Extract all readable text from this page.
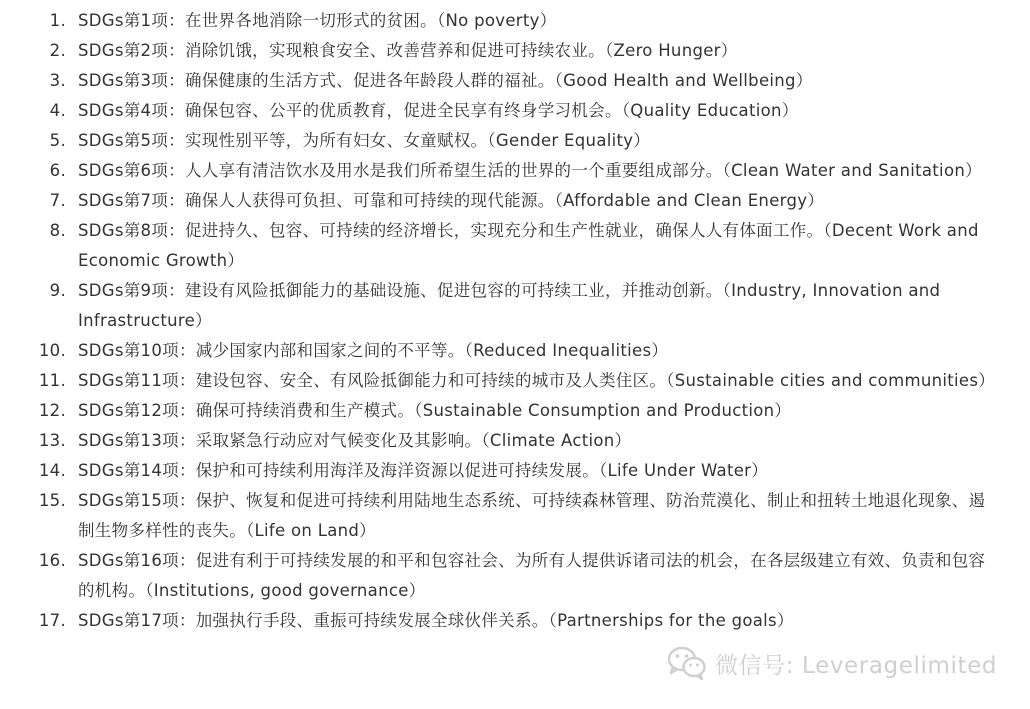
1. SDGs第1项：在世界各地消除一切形式的贫困。（No poverty）
2. SDGs第2项：消除饥饿，实现粮食安全、改善营养和促进可持续农业。（Zero Hunger）
3. SDGs第3项：确保健康的生活方式、促进各年龄段人群的福祉。（Good Health and Wellbeing）
4. SDGs第4项：确保包容、公平的优质教育，促进全民享有终身学习机会。（Quality Education）
5. SDGs第5项：实现性别平等，为所有妇女、女童赋权。（Gender Equality）
6. SDGs第6项：人人享有清洁饮水及用水是我们所希望生活的世界的一个重要组成部分。（Clean Water and Sanitation）
7. SDGs第7项：确保人人获得可负担、可靠和可持续的现代能源。（Affordable and Clean Energy）
8. SDGs第8项：促进持久、包容、可持续的经济增长，实现充分和生产性就业，确保人人有体面工作。（Decent Work and Economic Growth）
9. SDGs第9项：建设有风险抵御能力的基础设施、促进包容的可持续工业，并推动创新。（Industry, Innovation and Infrastructure）
10. SDGs第10项：减少国家内部和国家之间的不平等。（Reduced Inequalities）
11. SDGs第11项：建设包容、安全、有风险抵御能力和可持续的城市及人类住区。（Sustainable cities and communities）
12. SDGs第12项：确保可持续消费和生产模式。（Sustainable Consumption and Production）
13. SDGs第13项：采取紧急行动应对气候变化及其影响。（Climate Action）
14. SDGs第14项：保护和可持续利用海洋及海洋资源以促进可持续发展。（Life Under Water）
15. SDGs第15项：保护、恢复和促进可持续利用陆地生态系统、可持续森林管理、防治荒漠化、制止和扭转土地退化现象、遏制生物多样性的丧失。（Life on Land）
16. SDGs第16项：促进有利于可持续发展的和平和包容社会、为所有人提供诉诸司法的机会，在各层级建立有效、负责和包容的机构。（Institutions, good governance）
17. SDGs第17项：加强执行手段、重振可持续发展全球伙伴关系。（Partnerships for the goals）
微信号: Leveragelimited
